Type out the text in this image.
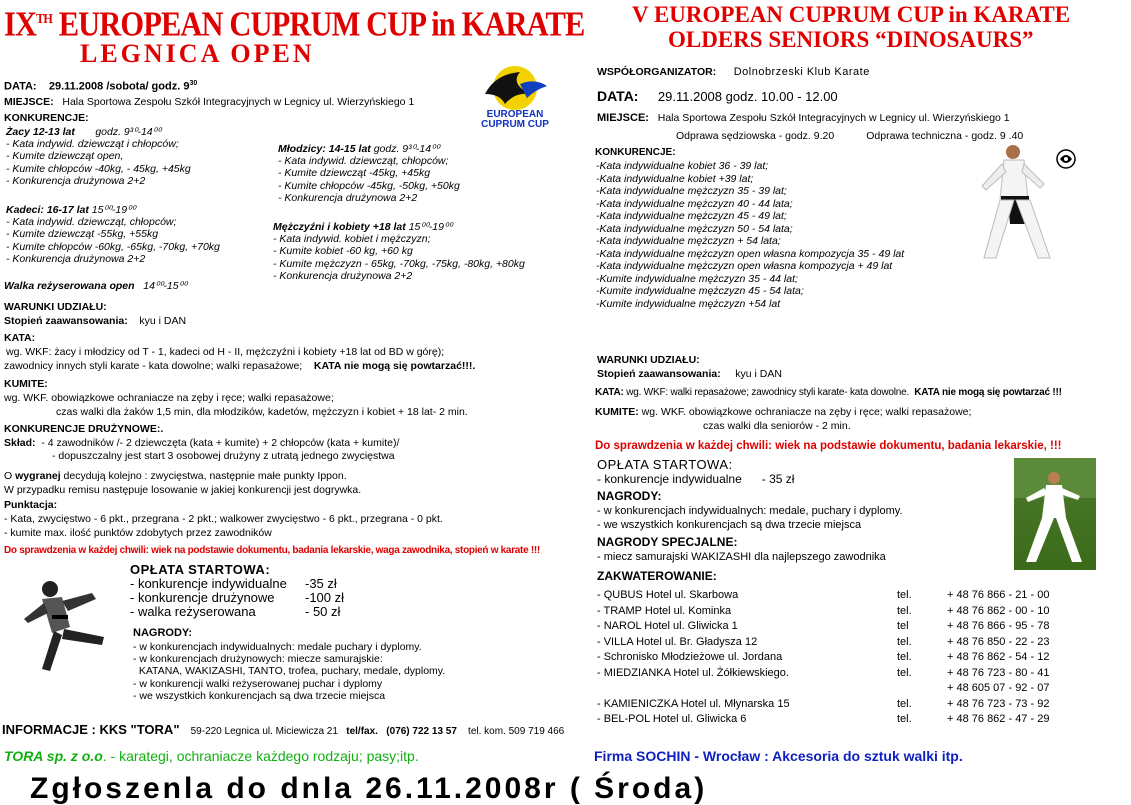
IXTH EUROPEAN CUPRUM CUP in KARATE
LEGNICA OPEN
EUROPEAN CUPRUM CUP
DATA: 29.11.2008 /sobota/ godz. $9^{30}$
MIEJSCE: Hala Sportowa Zespołu Szkół Integracyjnych w Legnicy ul. Wierzyńskiego 1
KONKURENCJE:
Żacy 12-13 lat godz. 9³⁰-14⁰⁰
- Kata indywid. dziewcząt i chłopców;
- Kumite dziewcząt open,
- Kumite chłopców -40kg, - 45kg, +45kg
- Konkurencja drużynowa 2+2
Kadeci: 16-17 lat 15⁰⁰-19⁰⁰
- Kata indywid. dziewcząt, chłopców;
- Kumite dziewcząt -55kg, +55kg
- Kumite chłopców -60kg, -65kg, -70kg, +70kg
- Konkurencja drużynowa 2+2
Młodzicy: 14-15 lat godz. 9³⁰-14⁰⁰
- Kata indywid. dziewcząt, chłopców;
- Kumite dziewcząt -45kg, +45kg
- Kumite chłopców -45kg, -50kg, +50kg
- Konkurencja drużynowa 2+2
Mężczyźni i kobiety +18 lat 15⁰⁰-19⁰⁰
- Kata indywid. kobiet i mężczyzn;
- Kumite kobiet -60 kg, +60 kg
- Kumite mężczyzn - 65kg, -70kg, -75kg, -80kg, +80kg
- Konkurencja drużynowa 2+2
Walka reżyserowana open 14⁰⁰-15⁰⁰
WARUNKI UDZIAŁU:
Stopień zaawansowania: kyu i DAN
KATA:
wg. WKF: żacy i młodzicy od T - 1, kadeci od H - II, mężczyźni i kobiety +18 lat od BD w górę);
zawodnicy innych styli karate - kata dowolne; walki repasażowe; KATA nie mogą się powtarzać!!!.
KUMITE:
wg. WKF. obowiązkowe ochraniacze na zęby i ręce; walki repasażowe;
czas walki dla żaków 1,5 min, dla młodzików, kadetów, mężczyzn i kobiet + 18 lat- 2 min.
KONKURENCJE DRUŻYNOWE:.
Skład: - 4 zawodników /- 2 dziewczęta (kata + kumite) + 2 chłopców (kata + kumite)/
- dopuszczalny jest start 3 osobowej drużyny z utratą jednego zwycięstwa
O wygranej decydują kolejno : zwycięstwa, następnie małe punkty Ippon.
W przypadku remisu następuje losowanie w jakiej konkurencji jest dogrywka.
Punktacja:
- Kata, zwycięstwo - 6 pkt., przegrana - 2 pkt.; walkower zwycięstwo - 6 pkt., przegrana - 0 pkt.
- kumite max. ilość punktów zdobytych przez zawodników
Do sprawdzenia w każdej chwili: wiek na podstawie dokumentu, badania lekarskie, waga zawodnika, stopień w karate !!!
OPŁATA STARTOWA:
- konkurencje indywidualne	-35 zł
- konkurencje drużynowe	-100 zł
- walka reżyserowana	- 50 zł
NAGRODY:
- w konkurencjach indywidualnych: medale puchary i dyplomy.
- w konkurencjach drużynowych: miecze samurajskie:
KATANA, WAKIZASHI, TANTO, trofea, puchary, medale, dyplomy.
- w konkurencji walki reżyserowanej puchar i dyplomy
- we wszystkich konkurencjach są dwa trzecie miejsca
INFORMACJE : KKS "TORA" 59-220 Legnica ul. Miciewicza 21 tel/fax. (076) 722 13 57 tel. kom. 509 719 466
TORA sp. z o.o. - karategi, ochraniacze każdego rodzaju; pasy;itp.
V EUROPEAN CUPRUM CUP in KARATE
OLDERS SENIORS “DINOSAURS”
WSPÓŁORGANIZATOR: Dolnobrzeski Klub Karate
DATA: 29.11.2008 godz. 10.00 - 12.00
MIEJSCE: Hala Sportowa Zespołu Szkół Integracyjnych w Legnicy ul. Wierzyńskiego 1
Odprawa sędziowska - godz. 9.20	Odprawa techniczna - godz. 9 .40
KONKURENCJE:
-Kata indywidualne kobiet 36 - 39 lat;
-Kata indywidualne kobiet +39 lat;
-Kata indywidualne mężczyzn 35 - 39 lat;
-Kata indywidualne mężczyzn 40 - 44 lata;
-Kata indywidualne mężczyzn 45 - 49 lat;
-Kata indywidualne mężczyzn 50 - 54 lata;
-Kata indywidualne mężczyzn + 54 lata;
-Kata indywidualne mężczyzn open własna kompozycja 35 - 49 lat
-Kata indywidualne mężczyzn open własna kompozycja + 49 lat
-Kumite indywidualne mężczyzn 35 - 44 lat;
-Kumite indywidualne mężczyzn 45 - 54 lata;
-Kumite indywidualne mężczyzn +54 lat
WARUNKI UDZIAŁU:
Stopień zaawansowania: kyu i DAN
KATA: wg. WKF: walki repasażowe; zawodnicy styli karate- kata dowolne. KATA nie mogą się powtarzać !!!
KUMITE: wg. WKF. obowiązkowe ochraniacze na zęby i ręce; walki repasażowe;
czas walki dla seniorów - 2 min.
Do sprawdzenia w każdej chwili: wiek na podstawie dokumentu, badania lekarskie, !!!
OPŁATA STARTOWA:
- konkurencje indywidualne - 35 zł
NAGRODY:
- w konkurencjach indywidualnych: medale, puchary i dyplomy.
- we wszystkich konkurencjach są dwa trzecie miejsca
NAGRODY SPECJALNE:
- miecz samurajski WAKIZASHI dla najlepszego zawodnika
ZAKWATEROWANIE:
- QUBUS Hotel ul. Skarbowa	tel.	+ 48 76 866 - 21 - 00
- TRAMP Hotel ul. Kominka	tel.	+ 48 76 862 - 00 - 10
- NAROL Hotel ul. Gliwicka 1	tel	+ 48 76 866 - 95 - 78
- VILLA Hotel ul. Br. Gładysza 12	tel.	+ 48 76 850 - 22 - 23
- Schronisko Młodzieżowe ul. Jordana	tel.	+ 48 76 862 - 54 - 12
- MIEDZIANKA Hotel ul. Żółkiewskiego.	tel.	+ 48 76 723 - 80 - 41
+ 48 605 07 - 92 - 07
- KAMIENICZKA Hotel ul. Młynarska 15	tel.	+ 48 76 723 - 73 - 92
- BEL-POL Hotel ul. Gliwicka 6	tel.	+ 48 76 862 - 47 - 29
Firma SOCHIN - Wrocław : Akcesoria do sztuk walki itp.
Zgłoszenla do dnla 26.11.2008r ( Środa)
